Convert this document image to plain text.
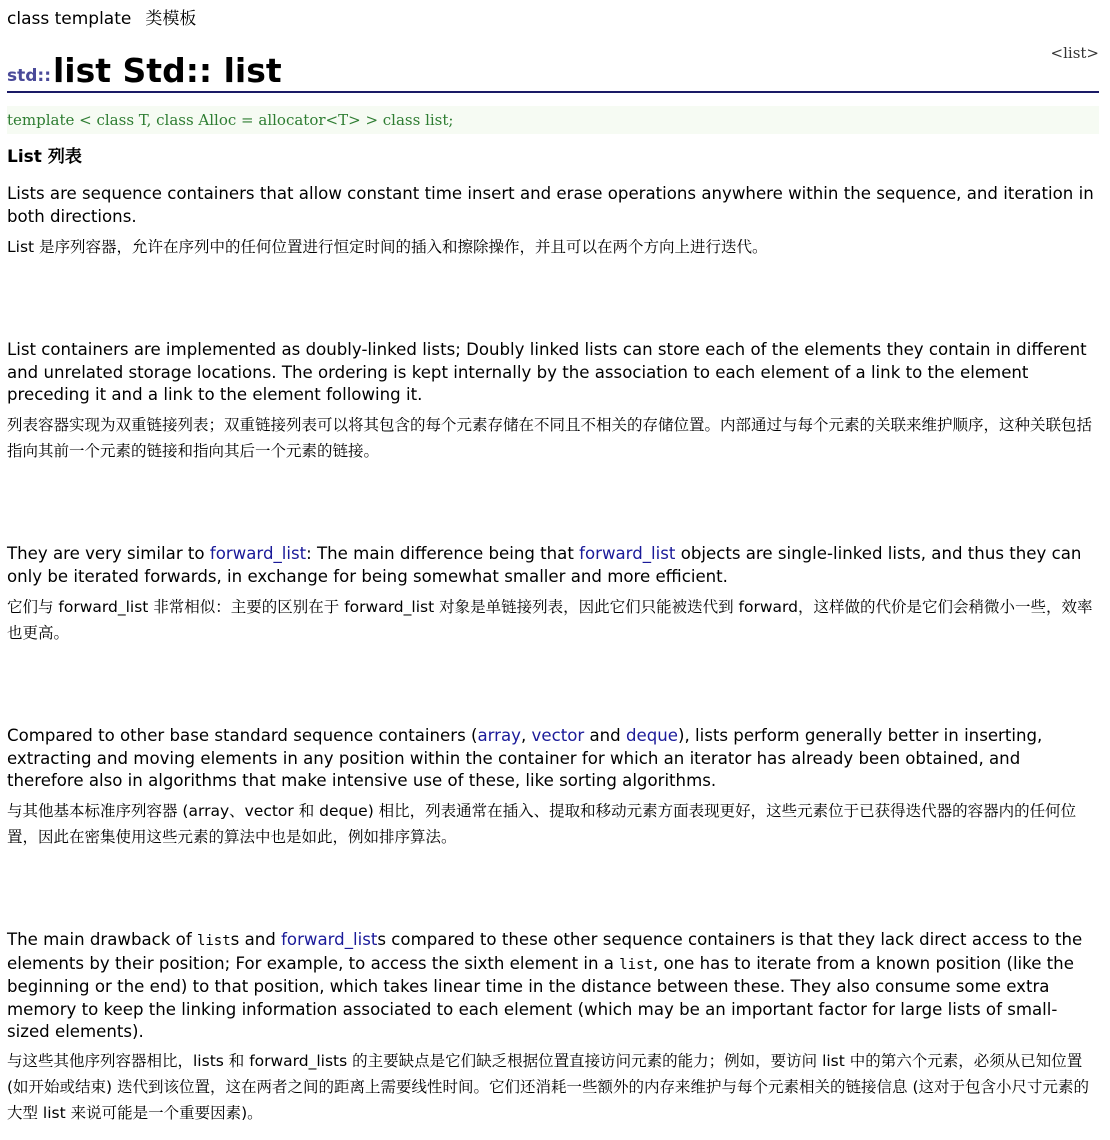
class template 类模板
std:: list Std:: list	<list>
template < class T, class Alloc = allocator<T> > class list;
List 列表
Lists are sequence containers that allow constant time insert and erase operations anywhere within the sequence, and iteration in both directions.
List 是序列容器，允许在序列中的任何位置进行恒定时间的插入和擦除操作，并且可以在两个方向上进行迭代。
List containers are implemented as doubly-linked lists; Doubly linked lists can store each of the elements they contain in different and unrelated storage locations. The ordering is kept internally by the association to each element of a link to the element preceding it and a link to the element following it.
列表容器实现为双重链接列表；双重链接列表可以将其包含的每个元素存储在不同且不相关的存储位置。内部通过与每个元素的关联来维护顺序，这种关联包括指向其前一个元素的链接和指向其后一个元素的链接。
They are very similar to forward_list: The main difference being that forward_list objects are single-linked lists, and thus they can only be iterated forwards, in exchange for being somewhat smaller and more efficient.
它们与 forward_list 非常相似：主要的区别在于 forward_list 对象是单链接列表，因此它们只能被迭代到 forward，这样做的代价是它们会稍微小一些，效率也更高。
Compared to other base standard sequence containers (array, vector and deque), lists perform generally better in inserting, extracting and moving elements in any position within the container for which an iterator has already been obtained, and therefore also in algorithms that make intensive use of these, like sorting algorithms.
与其他基本标准序列容器 (array、vector 和 deque) 相比，列表通常在插入、提取和移动元素方面表现更好，这些元素位于已获得迭代器的容器内的任何位置，因此在密集使用这些元素的算法中也是如此，例如排序算法。
The main drawback of lists and forward_lists compared to these other sequence containers is that they lack direct access to the elements by their position; For example, to access the sixth element in a list, one has to iterate from a known position (like the beginning or the end) to that position, which takes linear time in the distance between these. They also consume some extra memory to keep the linking information associated to each element (which may be an important factor for large lists of small-sized elements).
与这些其他序列容器相比，lists 和 forward_lists 的主要缺点是它们缺乏根据位置直接访问元素的能力；例如，要访问 list 中的第六个元素，必须从已知位置 (如开始或结束) 迭代到该位置，这在两者之间的距离上需要线性时间。它们还消耗一些额外的内存来维护与每个元素相关的链接信息 (这对于包含小尺寸元素的大型 list 来说可能是一个重要因素)。
